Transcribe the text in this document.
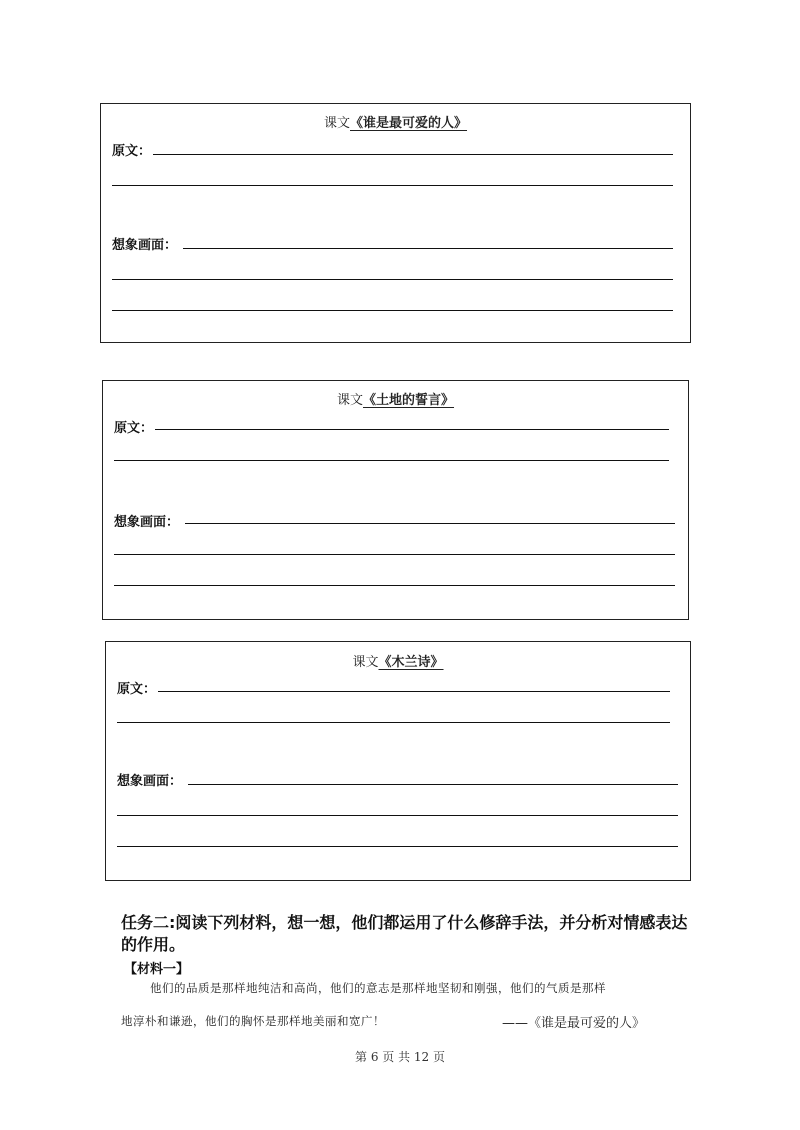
课文《谁是最可爱的人》
原文：
想象画面：
课文《土地的誓言》
原文：
想象画面：
课文《木兰诗》
原文：
想象画面：
任务二:阅读下列材料，想一想，他们都运用了什么修辞手法，并分析对情感表达的作用。
【材料一】
他们的品质是那样地纯洁和高尚，他们的意志是那样地坚韧和刚强，他们的气质是那样
地淳朴和谦逊，他们的胸怀是那样地美丽和宽广！	——《谁是最可爱的人》
第 6 页 共 12 页
